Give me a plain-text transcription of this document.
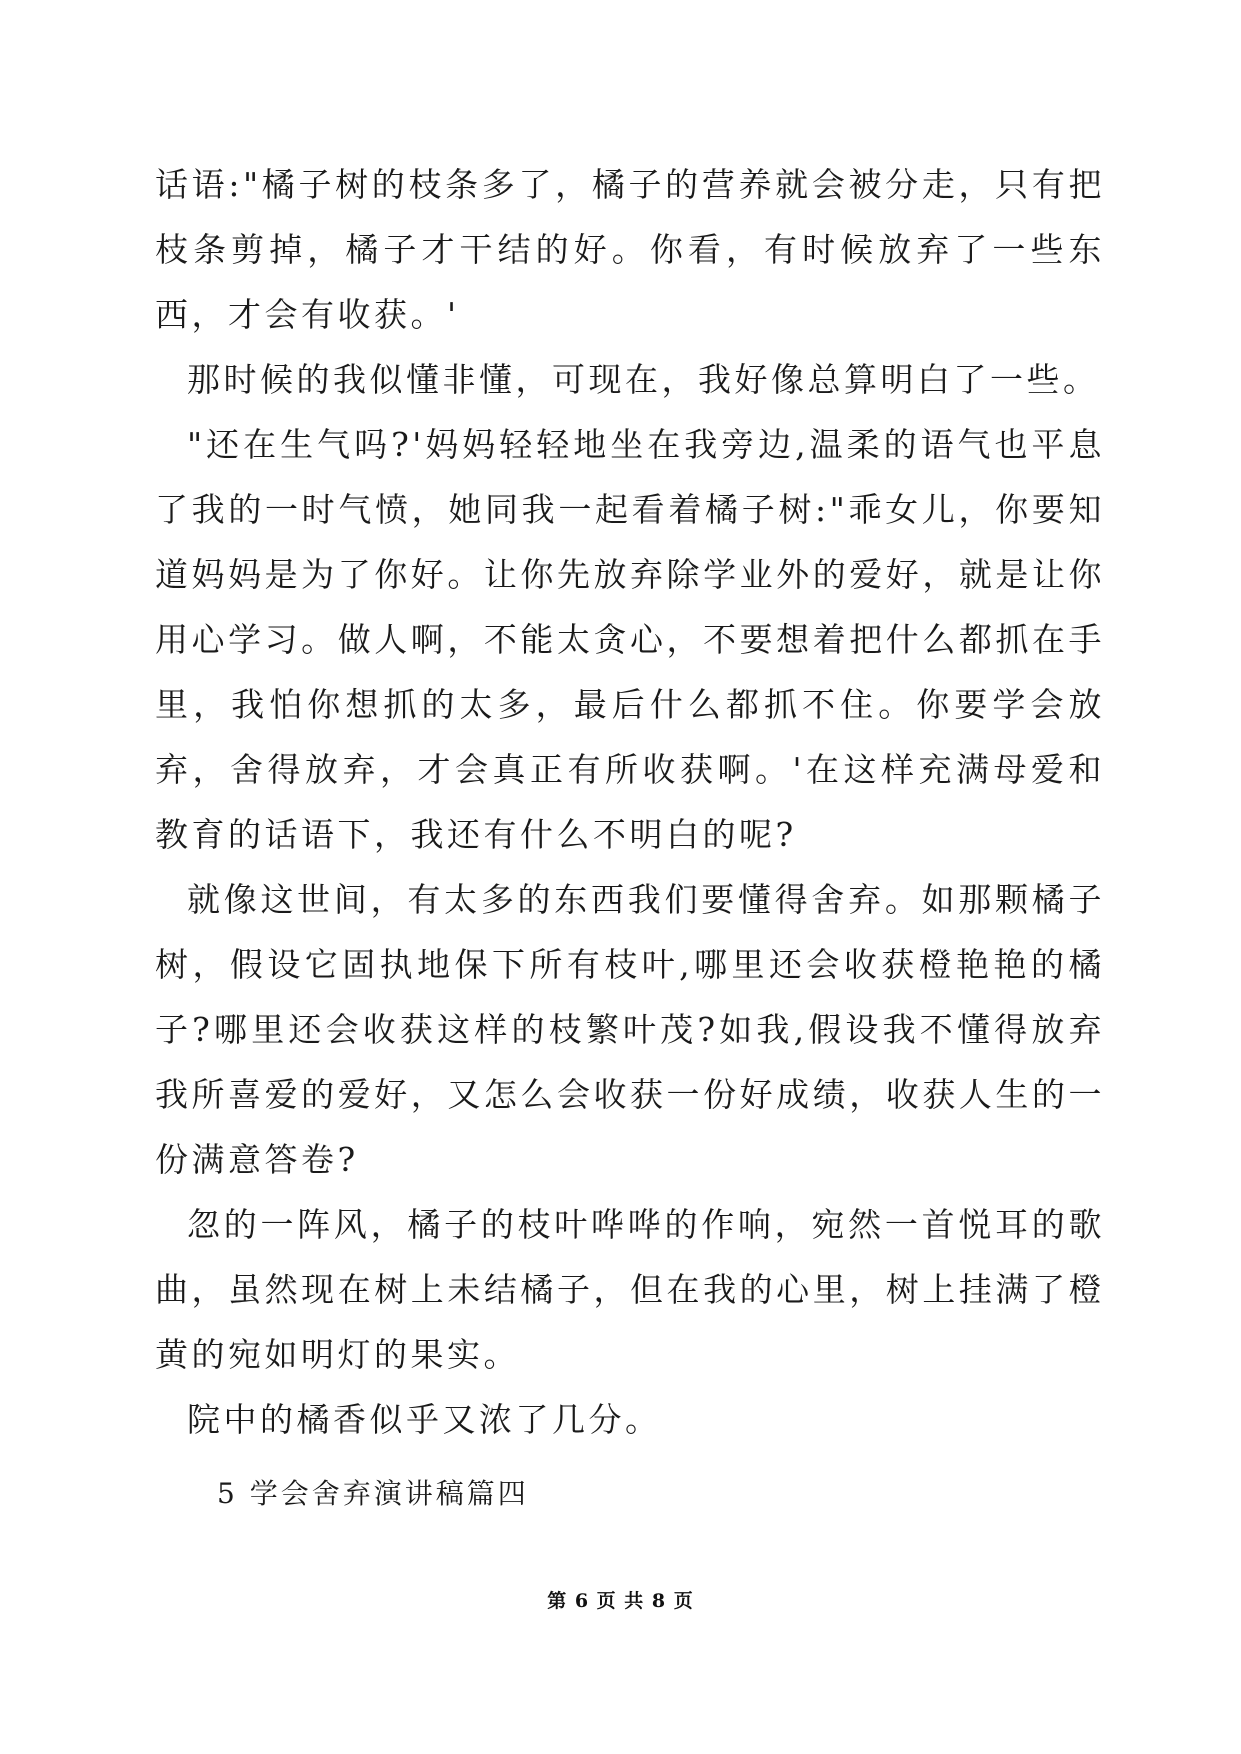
话语:"橘子树的枝条多了，橘子的营养就会被分走，只有把枝条剪掉，橘子才干结的好。你看，有时候放弃了一些东西，才会有收获。'

那时候的我似懂非懂，可现在，我好像总算明白了一些。

"还在生气吗?'妈妈轻轻地坐在我旁边,温柔的语气也平息了我的一时气愤，她同我一起看着橘子树:"乖女儿，你要知道妈妈是为了你好。让你先放弃除学业外的爱好，就是让你用心学习。做人啊，不能太贪心，不要想着把什么都抓在手里，我怕你想抓的太多，最后什么都抓不住。你要学会放弃，舍得放弃，才会真正有所收获啊。'在这样充满母爱和教育的话语下，我还有什么不明白的呢?

就像这世间，有太多的东西我们要懂得舍弃。如那颗橘子树，假设它固执地保下所有枝叶,哪里还会收获橙艳艳的橘子?哪里还会收获这样的枝繁叶茂?如我,假设我不懂得放弃我所喜爱的爱好，又怎么会收获一份好成绩，收获人生的一份满意答卷?

忽的一阵风，橘子的枝叶哗哗的作响，宛然一首悦耳的歌曲，虽然现在树上未结橘子，但在我的心里，树上挂满了橙黄的宛如明灯的果实。

院中的橘香似乎又浓了几分。

5 学会舍弃演讲稿篇四

第 6 页 共 8 页
